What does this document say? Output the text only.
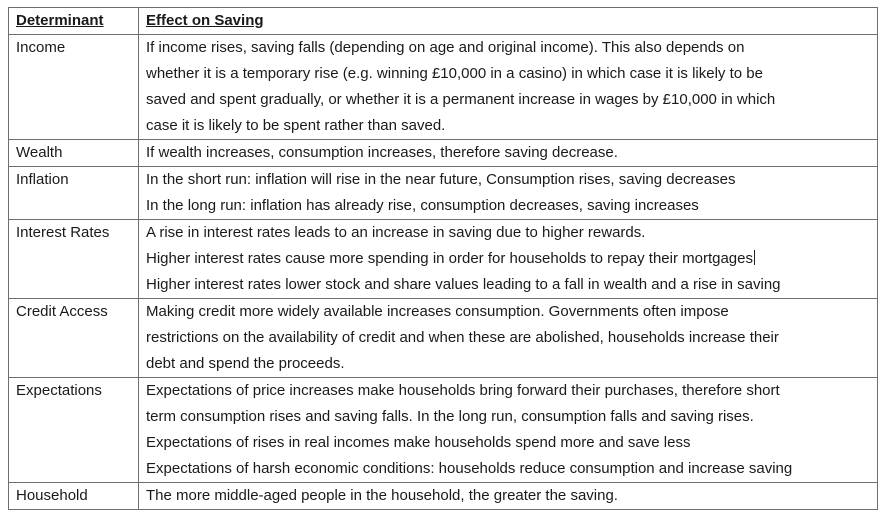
Determinant	Effect on Saving
Income	If income rises, saving falls (depending on age and original income). This also depends on
whether it is a temporary rise (e.g. winning £10,000 in a casino) in which case it is likely to be
saved and spent gradually, or whether it is a permanent increase in wages by £10,000 in which
case it is likely to be spent rather than saved.

Wealth	If wealth increases, consumption increases, therefore saving decrease.

Inflation	In the short run: inflation will rise in the near future, Consumption rises, saving decreases
In the long run: inflation has already rise, consumption decreases, saving increases

Interest Rates	A rise in interest rates leads to an increase in saving due to higher rewards.
Higher interest rates cause more spending in order for households to repay their mortgages
Higher interest rates lower stock and share values leading to a fall in wealth and a rise in saving

Credit Access	Making credit more widely available increases consumption. Governments often impose
restrictions on the availability of credit and when these are abolished, households increase their
debt and spend the proceeds.

Expectations	Expectations of price increases make households bring forward their purchases, therefore short
term consumption rises and saving falls. In the long run, consumption falls and saving rises.
Expectations of rises in real incomes make households spend more and save less
Expectations of harsh economic conditions: households reduce consumption and increase saving

Household	The more middle-aged people in the household, the greater the saving.
